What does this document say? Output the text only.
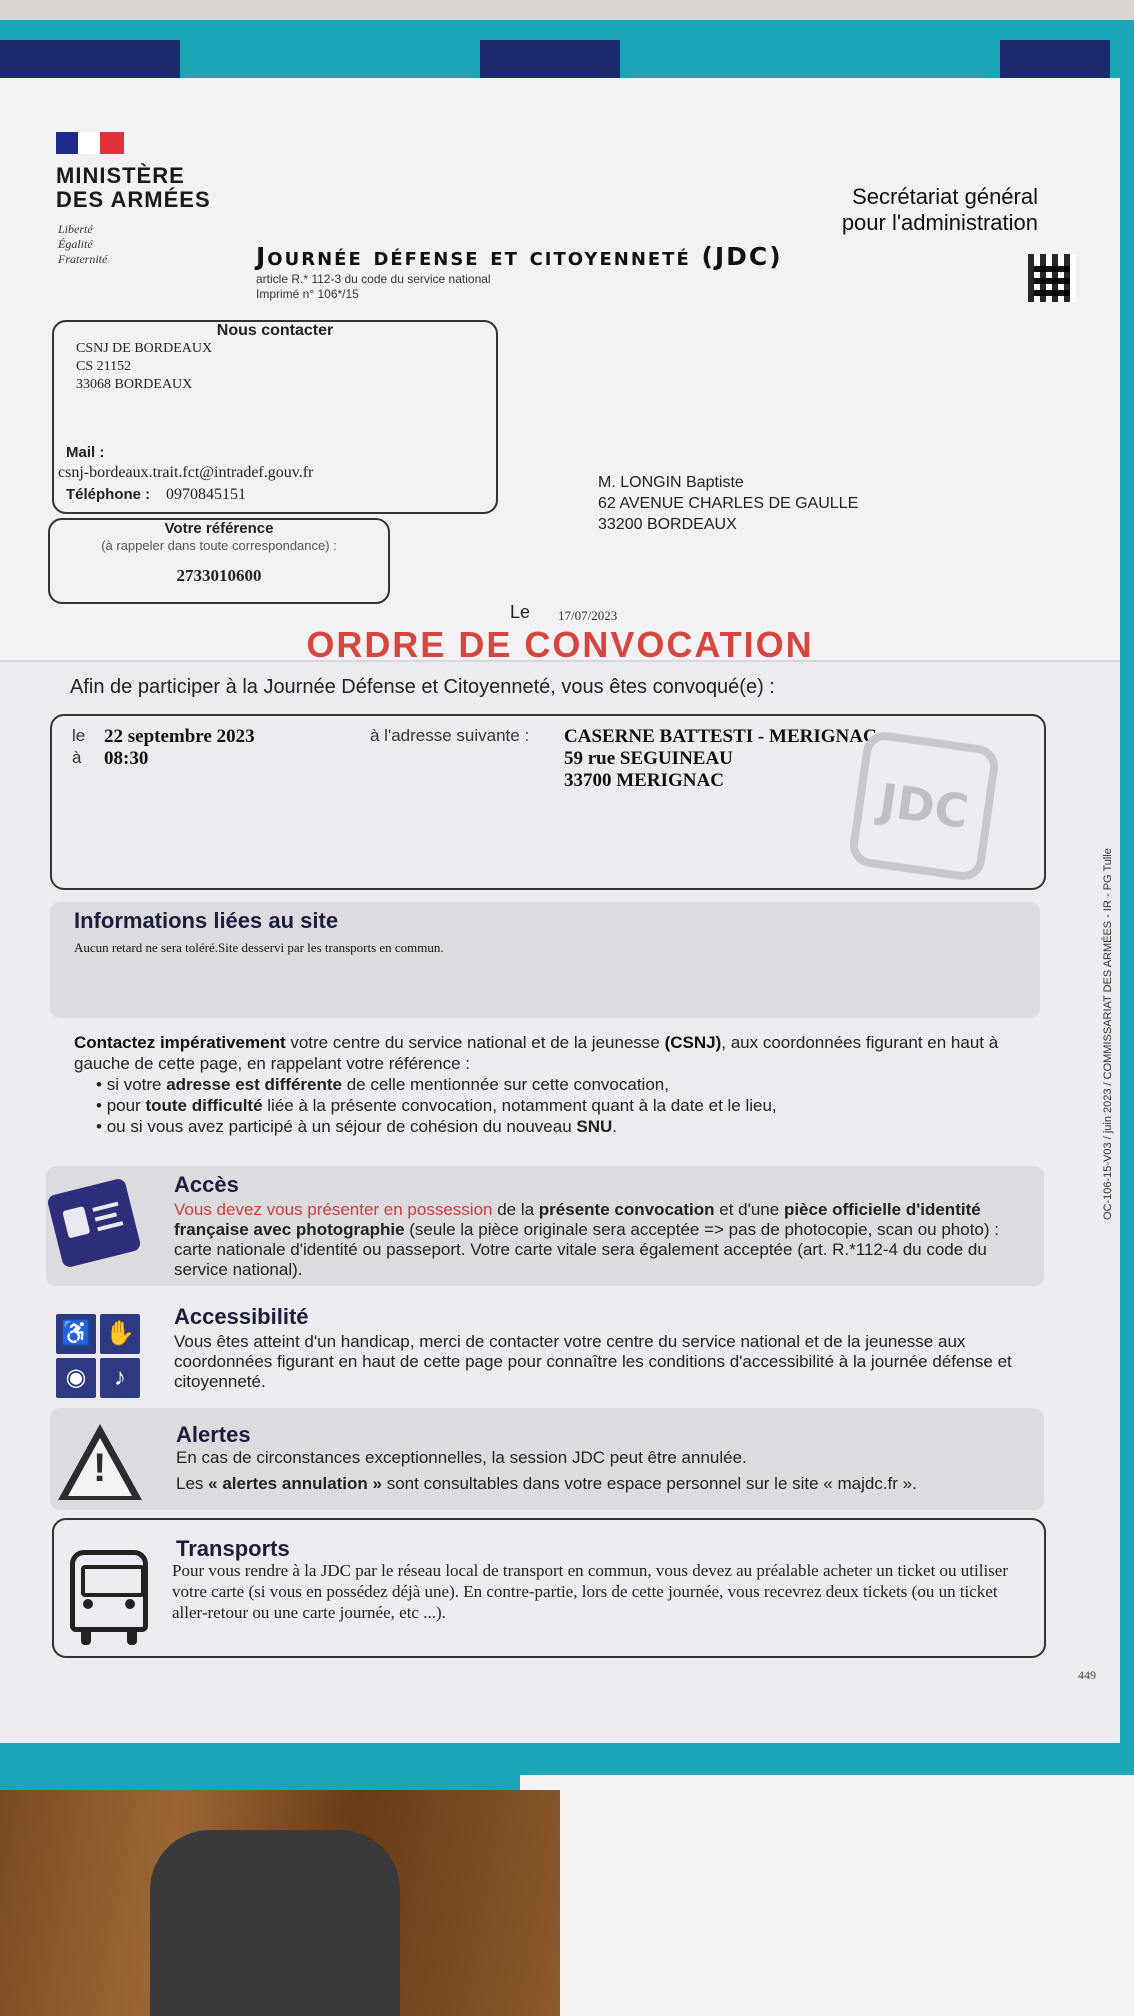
MINISTÈRE
DES ARMÉES
Liberté
Égalité
Fraternité
Secrétariat général
pour l'administration
Journée défense et citoyenneté (JDC)
article R.* 112-3 du code du service national
Imprimé n° 106*/15
Nous contacter
CSNJ DE BORDEAUX
CS 21152
33068 BORDEAUX
Mail :
csnj-bordeaux.trait.fct@intradef.gouv.fr
Téléphone : 0970845151
Votre référence
(à rappeler dans toute correspondance) :
2733010600
M. LONGIN Baptiste
62 AVENUE CHARLES DE GAULLE
33200 BORDEAUX
Le 17/07/2023
ORDRE DE CONVOCATION
Afin de participer à la Journée Défense et Citoyenneté, vous êtes convoqué(e) :
le 22 septembre 2023
à 08:30
à l'adresse suivante : CASERNE BATTESTI - MERIGNAC
59 rue SEGUINEAU
33700 MERIGNAC	JDC
Informations liées au site
Aucun retard ne sera toléré.Site desservi par les transports en commun.
Contactez impérativement votre centre du service national et de la jeunesse (CSNJ), aux coordonnées figurant en haut à gauche de cette page, en rappelant votre référence :
• si votre adresse est différente de celle mentionnée sur cette convocation,
• pour toute difficulté liée à la présente convocation, notamment quant à la date et le lieu,
• ou si vous avez participé à un séjour de cohésion du nouveau SNU.
Accès
Vous devez vous présenter en possession de la présente convocation et d'une pièce officielle d'identité française avec photographie (seule la pièce originale sera acceptée => pas de photocopie, scan ou photo) : carte nationale d'identité ou passeport. Votre carte vitale sera également acceptée (art. R.*112-4 du code du service national).
♿ ✋
◉	♪
Accessibilité
Vous êtes atteint d'un handicap, merci de contacter votre centre du service national et de la jeunesse aux coordonnées figurant en haut de cette page pour connaître les conditions d'accessibilité à la journée défense et citoyenneté.
!
Alertes
En cas de circonstances exceptionnelles, la session JDC peut être annulée.
Les « alertes annulation » sont consultables dans votre espace personnel sur le site « majdc.fr ».
Transports
Pour vous rendre à la JDC par le réseau local de transport en commun, vous devez au préalable acheter un ticket ou utiliser votre carte (si vous en possédez déjà une). En contre-partie, lors de cette journée, vous recevrez deux tickets (ou un ticket aller-retour ou une carte journée, etc ...).
449
OC-106-15-V03 / juin 2023 / COMMISSARIAT DES ARMÉES - IR - PG Tulle
